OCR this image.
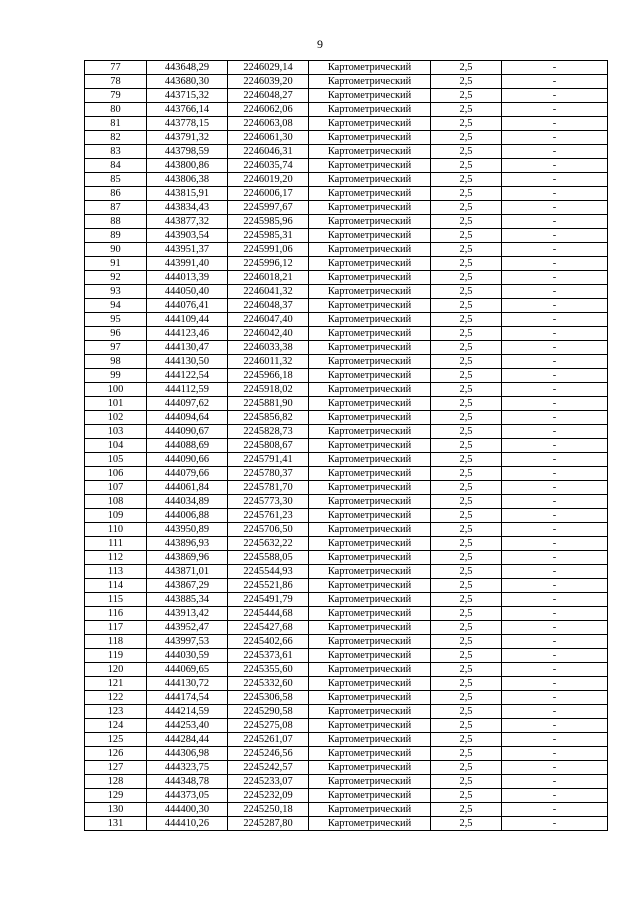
9
77	443648,29	2246029,14	Картометрический	2,5	-
78	443680,30	2246039,20	Картометрический	2,5	-
79	443715,32	2246048,27	Картометрический	2,5	-
80	443766,14	2246062,06	Картометрический	2,5	-
81	443778,15	2246063,08	Картометрический	2,5	-
82	443791,32	2246061,30	Картометрический	2,5	-
83	443798,59	2246046,31	Картометрический	2,5	-
84	443800,86	2246035,74	Картометрический	2,5	-
85	443806,38	2246019,20	Картометрический	2,5	-
86	443815,91	2246006,17	Картометрический	2,5	-
87	443834,43	2245997,67	Картометрический	2,5	-
88	443877,32	2245985,96	Картометрический	2,5	-
89	443903,54	2245985,31	Картометрический	2,5	-
90	443951,37	2245991,06	Картометрический	2,5	-
91	443991,40	2245996,12	Картометрический	2,5	-
92	444013,39	2246018,21	Картометрический	2,5	-
93	444050,40	2246041,32	Картометрический	2,5	-
94	444076,41	2246048,37	Картометрический	2,5	-
95	444109,44	2246047,40	Картометрический	2,5	-
96	444123,46	2246042,40	Картометрический	2,5	-
97	444130,47	2246033,38	Картометрический	2,5	-
98	444130,50	2246011,32	Картометрический	2,5	-
99	444122,54	2245966,18	Картометрический	2,5	-
100	444112,59	2245918,02	Картометрический	2,5	-
101	444097,62	2245881,90	Картометрический	2,5	-
102	444094,64	2245856,82	Картометрический	2,5	-
103	444090,67	2245828,73	Картометрический	2,5	-
104	444088,69	2245808,67	Картометрический	2,5	-
105	444090,66	2245791,41	Картометрический	2,5	-
106	444079,66	2245780,37	Картометрический	2,5	-
107	444061,84	2245781,70	Картометрический	2,5	-
108	444034,89	2245773,30	Картометрический	2,5	-
109	444006,88	2245761,23	Картометрический	2,5	-
110	443950,89	2245706,50	Картометрический	2,5	-
111	443896,93	2245632,22	Картометрический	2,5	-
112	443869,96	2245588,05	Картометрический	2,5	-
113	443871,01	2245544,93	Картометрический	2,5	-
114	443867,29	2245521,86	Картометрический	2,5	-
115	443885,34	2245491,79	Картометрический	2,5	-
116	443913,42	2245444,68	Картометрический	2,5	-
117	443952,47	2245427,68	Картометрический	2,5	-
118	443997,53	2245402,66	Картометрический	2,5	-
119	444030,59	2245373,61	Картометрический	2,5	-
120	444069,65	2245355,60	Картометрический	2,5	-
121	444130,72	2245332,60	Картометрический	2,5	-
122	444174,54	2245306,58	Картометрический	2,5	-
123	444214,59	2245290,58	Картометрический	2,5	-
124	444253,40	2245275,08	Картометрический	2,5	-
125	444284,44	2245261,07	Картометрический	2,5	-
126	444306,98	2245246,56	Картометрический	2,5	-
127	444323,75	2245242,57	Картометрический	2,5	-
128	444348,78	2245233,07	Картометрический	2,5	-
129	444373,05	2245232,09	Картометрический	2,5	-
130	444400,30	2245250,18	Картометрический	2,5	-
131	444410,26	2245287,80	Картометрический	2,5	-
